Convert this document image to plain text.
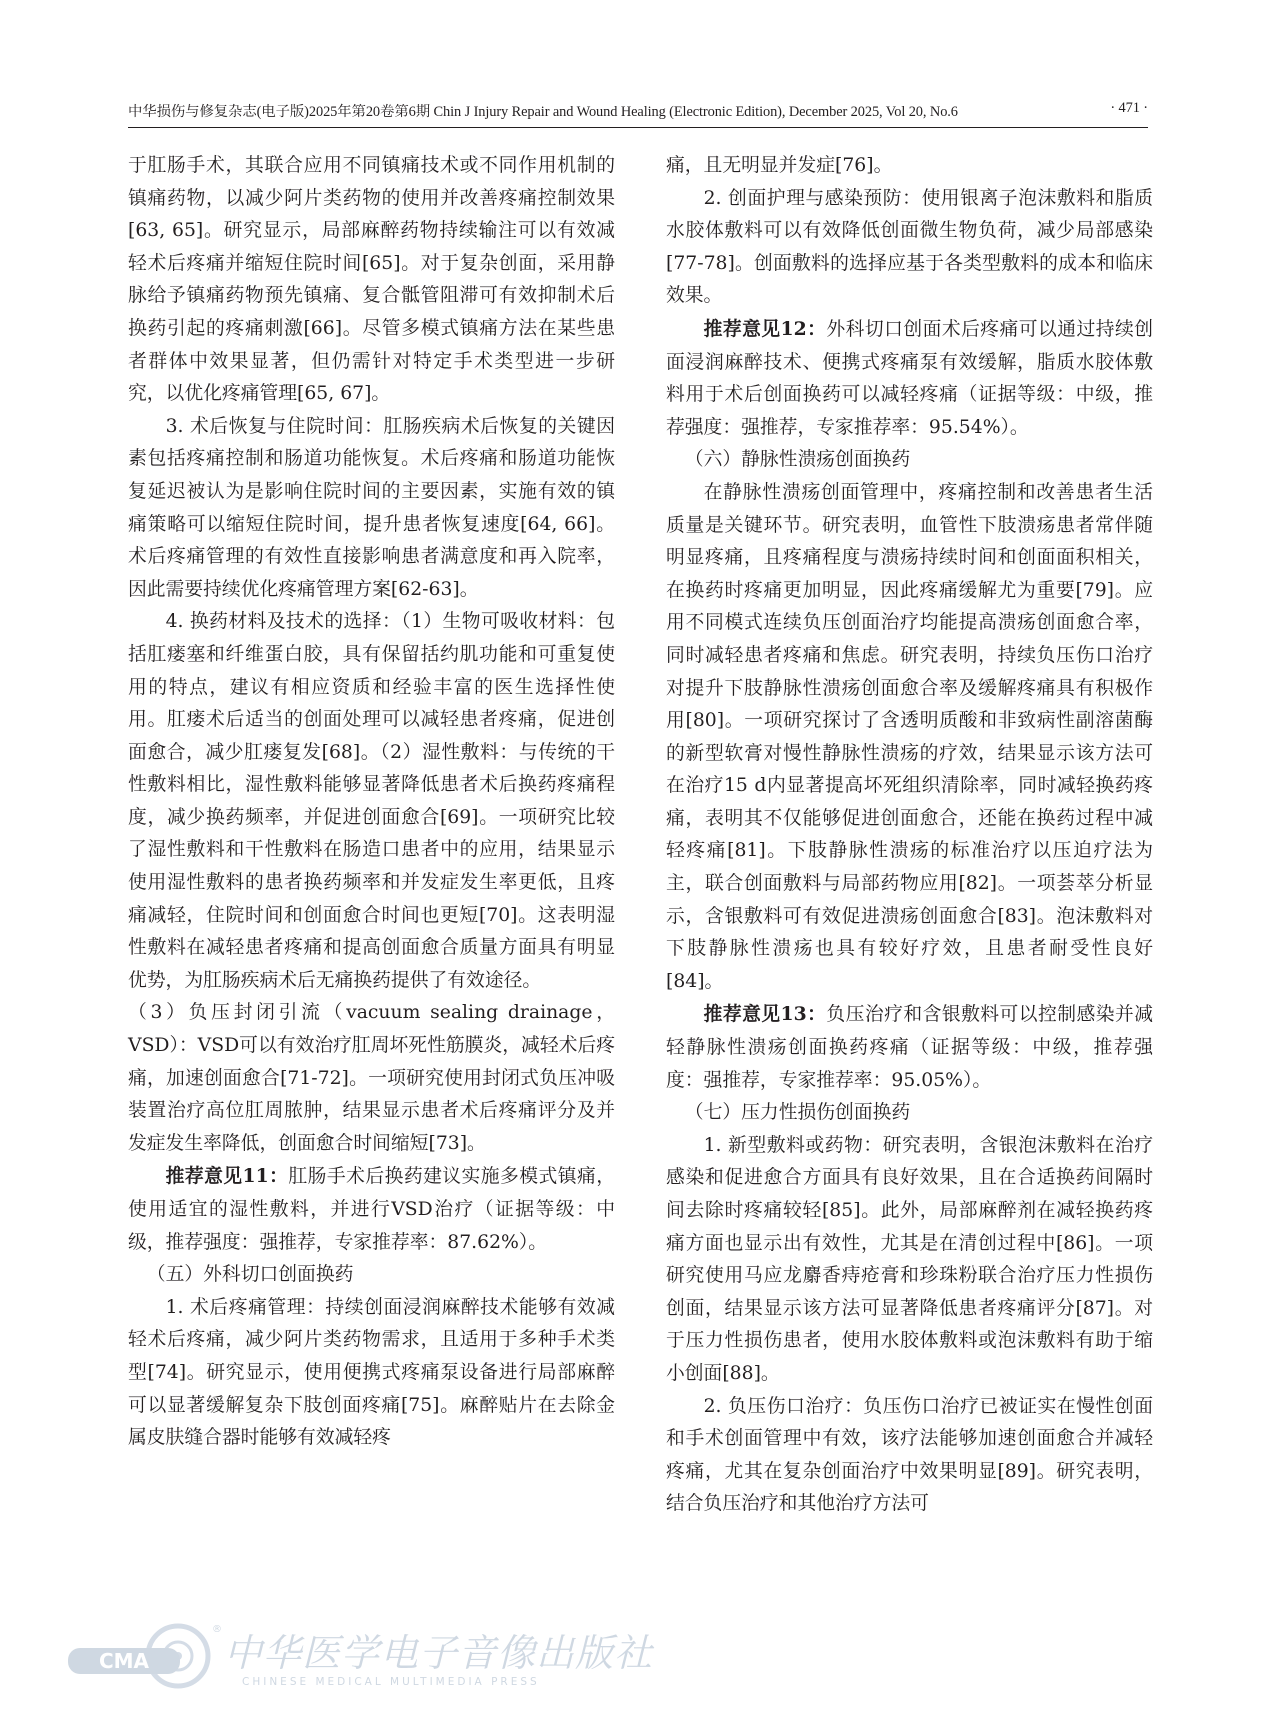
中华损伤与修复杂志(电子版)2025年第20卷第6期 Chin J Injury Repair and Wound Healing (Electronic Edition), December 2025, Vol 20, No.6	· 471 ·

于肛肠手术，其联合应用不同镇痛技术或不同作用机制的镇痛药物，以减少阿片类药物的使用并改善疼痛控制效果[63, 65]。研究显示，局部麻醉药物持续输注可以有效减轻术后疼痛并缩短住院时间[65]。对于复杂创面，采用静脉给予镇痛药物预先镇痛、复合骶管阻滞可有效抑制术后换药引起的疼痛刺激[66]。尽管多模式镇痛方法在某些患者群体中效果显著，但仍需针对特定手术类型进一步研究，以优化疼痛管理[65, 67]。

3. 术后恢复与住院时间：肛肠疾病术后恢复的关键因素包括疼痛控制和肠道功能恢复。术后疼痛和肠道功能恢复延迟被认为是影响住院时间的主要因素，实施有效的镇痛策略可以缩短住院时间，提升患者恢复速度[64, 66]。术后疼痛管理的有效性直接影响患者满意度和再入院率，因此需要持续优化疼痛管理方案[62-63]。

4. 换药材料及技术的选择：（1）生物可吸收材料：包括肛瘘塞和纤维蛋白胶，具有保留括约肌功能和可重复使用的特点，建议有相应资质和经验丰富的医生选择性使用。肛瘘术后适当的创面处理可以减轻患者疼痛，促进创面愈合，减少肛瘘复发[68]。（2）湿性敷料：与传统的干性敷料相比，湿性敷料能够显著降低患者术后换药疼痛程度，减少换药频率，并促进创面愈合[69]。一项研究比较了湿性敷料和干性敷料在肠造口患者中的应用，结果显示使用湿性敷料的患者换药频率和并发症发生率更低，且疼痛减轻，住院时间和创面愈合时间也更短[70]。这表明湿性敷料在减轻患者疼痛和提高创面愈合质量方面具有明显优势，为肛肠疾病术后无痛换药提供了有效途径。

（3）负压封闭引流（vacuum sealing drainage，VSD）：VSD可以有效治疗肛周坏死性筋膜炎，减轻术后疼痛，加速创面愈合[71-72]。一项研究使用封闭式负压冲吸装置治疗高位肛周脓肿，结果显示患者术后疼痛评分及并发症发生率降低，创面愈合时间缩短[73]。

推荐意见11：肛肠手术后换药建议实施多模式镇痛，使用适宜的湿性敷料，并进行VSD治疗（证据等级：中级，推荐强度：强推荐，专家推荐率：87.62%）。

（五）外科切口创面换药

1. 术后疼痛管理：持续创面浸润麻醉技术能够有效减轻术后疼痛，减少阿片类药物需求，且适用于多种手术类型[74]。研究显示，使用便携式疼痛泵设备进行局部麻醉可以显著缓解复杂下肢创面疼痛[75]。麻醉贴片在去除金属皮肤缝合器时能够有效减轻疼

痛，且无明显并发症[76]。

2. 创面护理与感染预防：使用银离子泡沫敷料和脂质水胶体敷料可以有效降低创面微生物负荷，减少局部感染[77-78]。创面敷料的选择应基于各类型敷料的成本和临床效果。

推荐意见12：外科切口创面术后疼痛可以通过持续创面浸润麻醉技术、便携式疼痛泵有效缓解，脂质水胶体敷料用于术后创面换药可以减轻疼痛（证据等级：中级，推荐强度：强推荐，专家推荐率：95.54%）。

（六）静脉性溃疡创面换药

在静脉性溃疡创面管理中，疼痛控制和改善患者生活质量是关键环节。研究表明，血管性下肢溃疡患者常伴随明显疼痛，且疼痛程度与溃疡持续时间和创面面积相关，在换药时疼痛更加明显，因此疼痛缓解尤为重要[79]。应用不同模式连续负压创面治疗均能提高溃疡创面愈合率，同时减轻患者疼痛和焦虑。研究表明，持续负压伤口治疗对提升下肢静脉性溃疡创面愈合率及缓解疼痛具有积极作用[80]。一项研究探讨了含透明质酸和非致病性副溶菌酶的新型软膏对慢性静脉性溃疡的疗效，结果显示该方法可在治疗15 d内显著提高坏死组织清除率，同时减轻换药疼痛，表明其不仅能够促进创面愈合，还能在换药过程中减轻疼痛[81]。下肢静脉性溃疡的标准治疗以压迫疗法为主，联合创面敷料与局部药物应用[82]。一项荟萃分析显示，含银敷料可有效促进溃疡创面愈合[83]。泡沫敷料对下肢静脉性溃疡也具有较好疗效，且患者耐受性良好[84]。

推荐意见13：负压治疗和含银敷料可以控制感染并减轻静脉性溃疡创面换药疼痛（证据等级：中级，推荐强度：强推荐，专家推荐率：95.05%）。

（七）压力性损伤创面换药

1. 新型敷料或药物：研究表明，含银泡沫敷料在治疗感染和促进愈合方面具有良好效果，且在合适换药间隔时间去除时疼痛较轻[85]。此外，局部麻醉剂在减轻换药疼痛方面也显示出有效性，尤其是在清创过程中[86]。一项研究使用马应龙麝香痔疮膏和珍珠粉联合治疗压力性损伤创面，结果显示该方法可显著降低患者疼痛评分[87]。对于压力性损伤患者，使用水胶体敷料或泡沫敷料有助于缩小创面[88]。

2. 负压伤口治疗：负压伤口治疗已被证实在慢性创面和手术创面管理中有效，该疗法能够加速创面愈合并减轻疼痛，尤其在复杂创面治疗中效果明显[89]。研究表明，结合负压治疗和其他治疗方法可

CMA
®
中华医学电子音像出版社
CHINESE MEDICAL MULTIMEDIA PRESS
